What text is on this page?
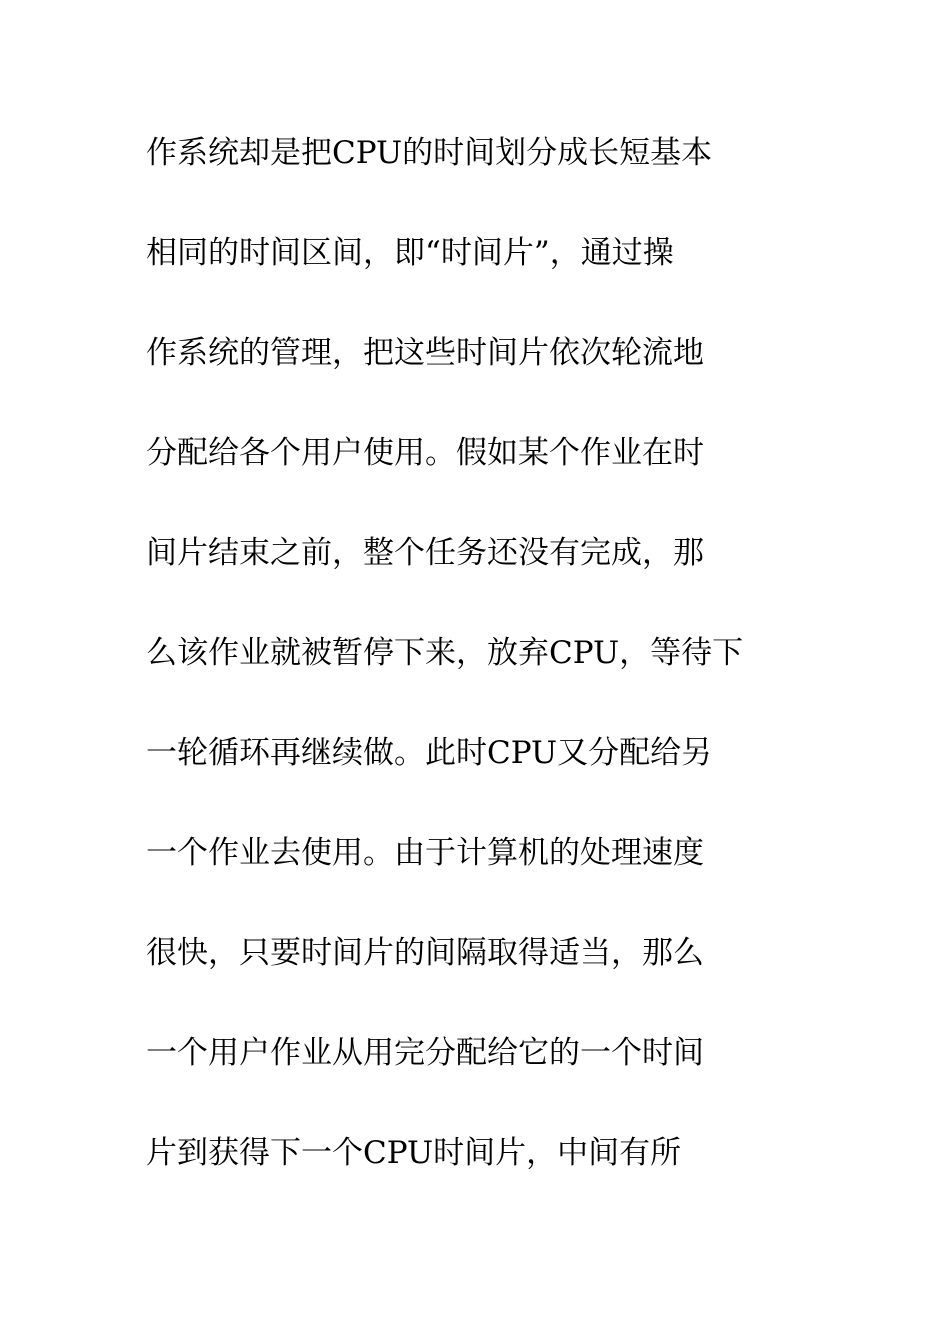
作系统却是把CPU的时间划分成长短基本
相同的时间区间，即“时间片”，通过操
作系统的管理，把这些时间片依次轮流地
分配给各个用户使用。假如某个作业在时
间片结束之前，整个任务还没有完成，那
么该作业就被暂停下来，放弃CPU，等待下
一轮循环再继续做。此时CPU又分配给另
一个作业去使用。由于计算机的处理速度
很快，只要时间片的间隔取得适当，那么
一个用户作业从用完分配给它的一个时间
片到获得下一个CPU时间片，中间有所
